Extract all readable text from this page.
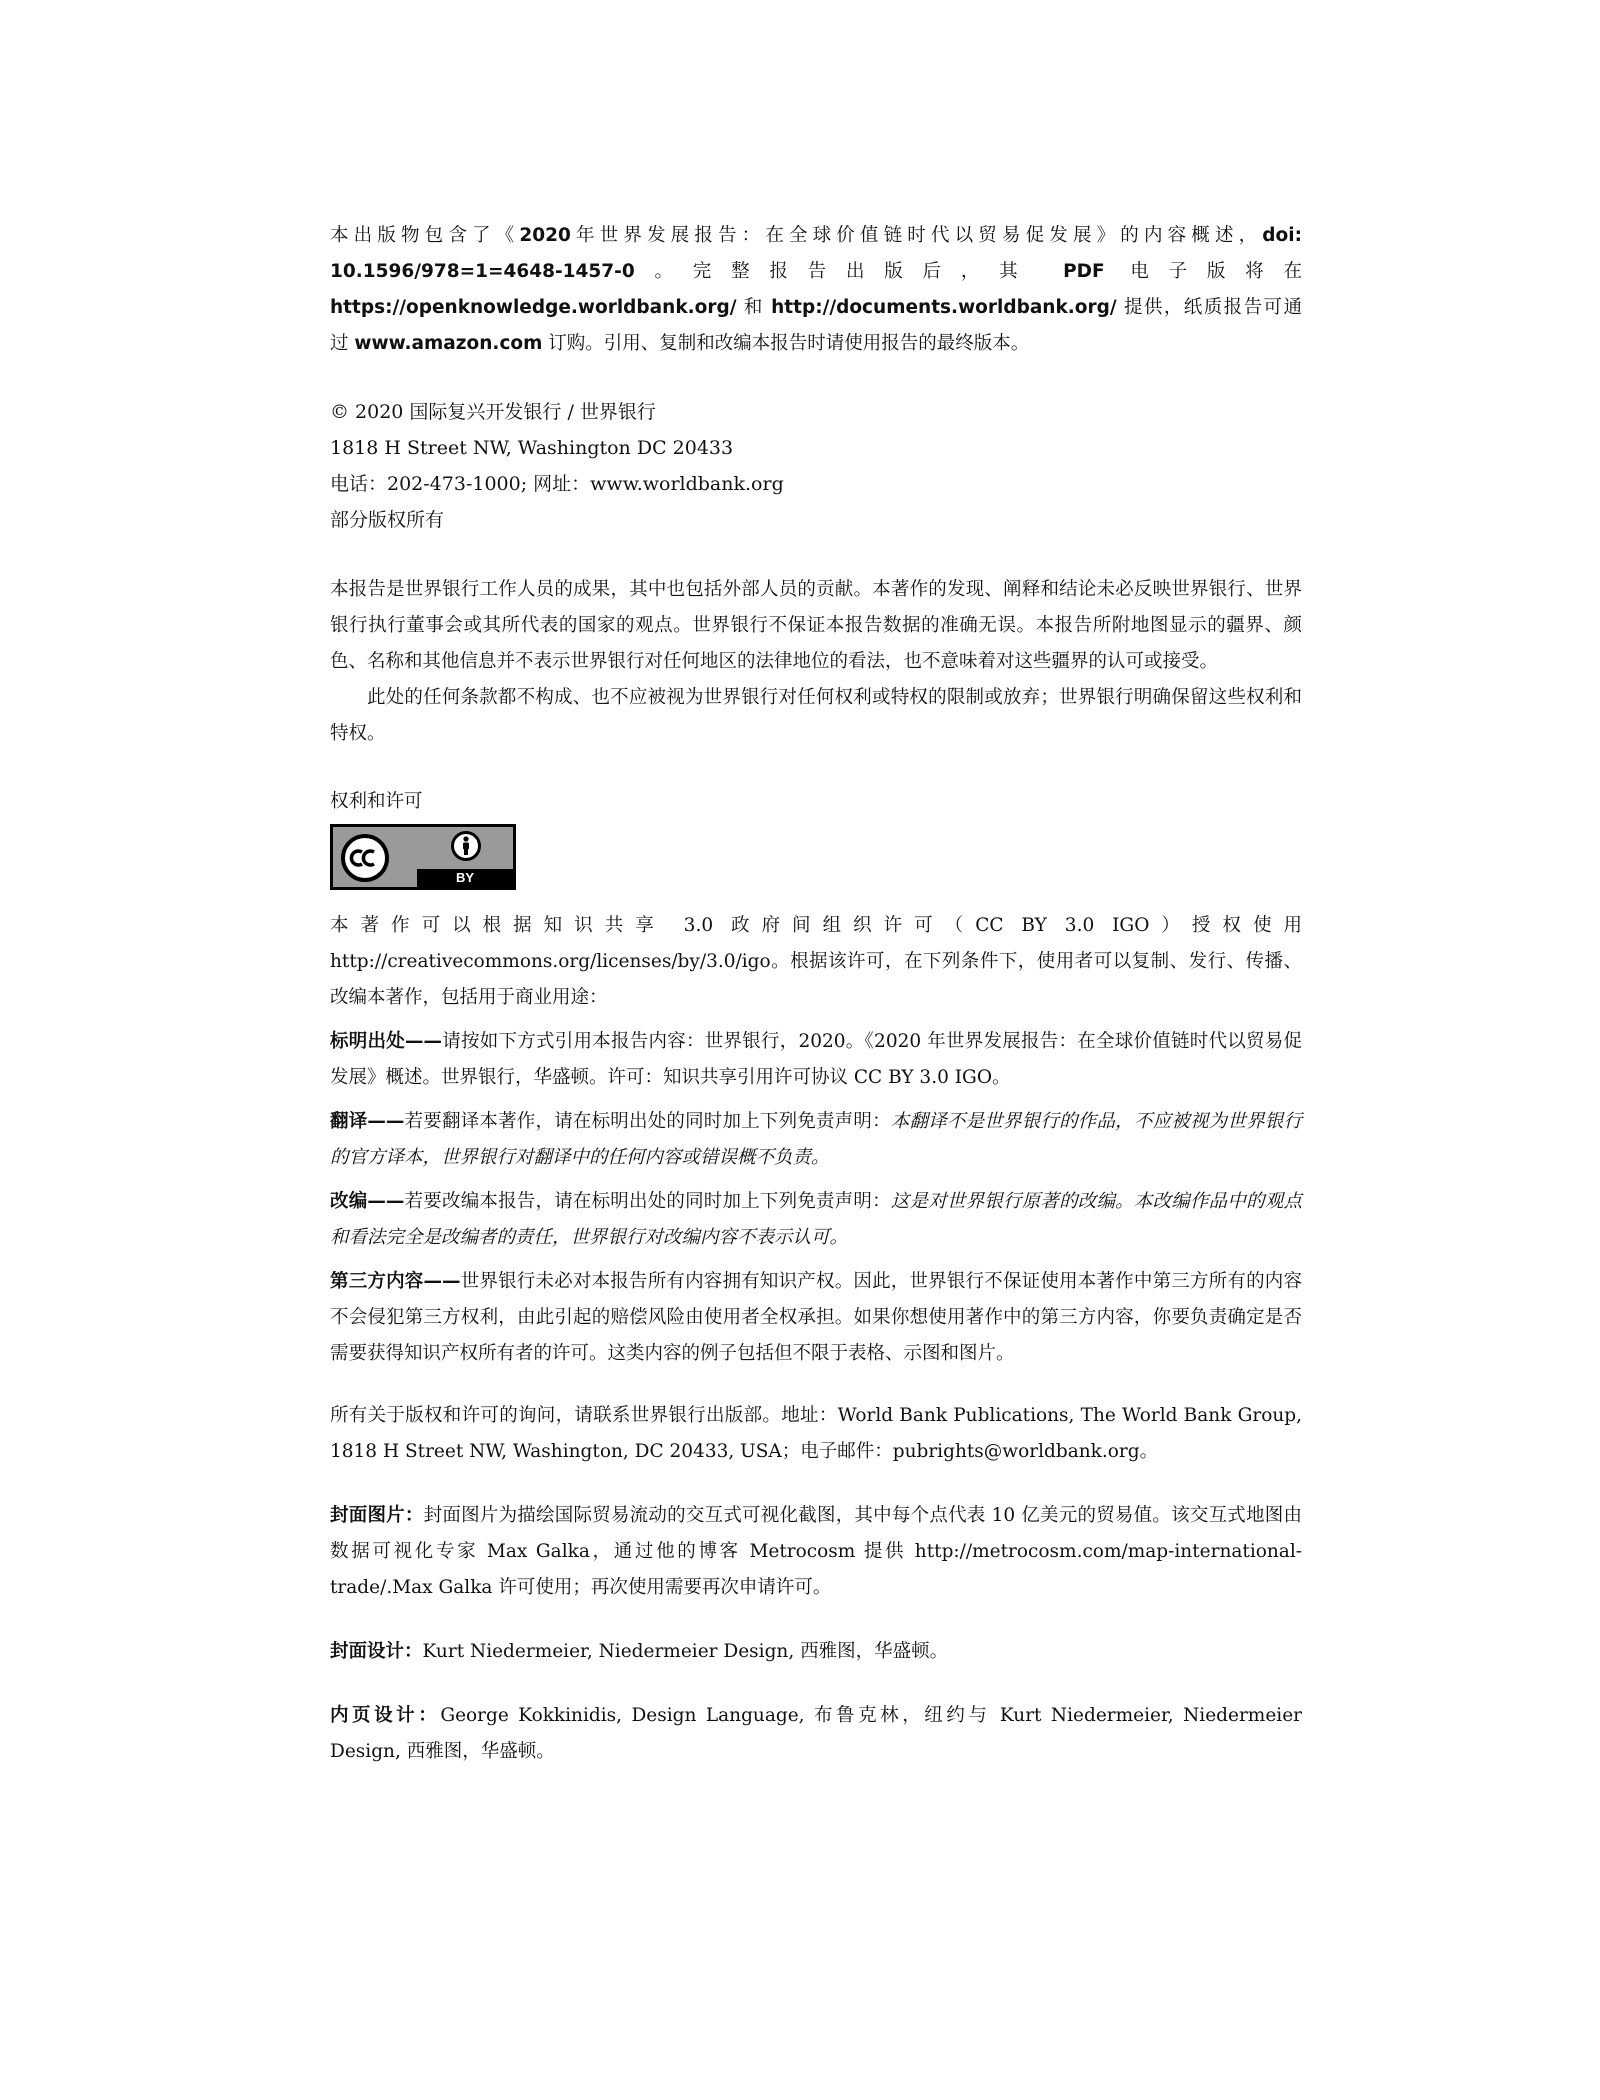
本出版物包含了《2020年世界发展报告：在全球价值链时代以贸易促发展》的内容概述，doi: 10.1596/978=1=4648-1457-0。完整报告出版后，其 PDF 电子版将在 https://openknowledge.worldbank.org/ 和 http://documents.worldbank.org/ 提供，纸质报告可通过 www.amazon.com 订购。引用、复制和改编本报告时请使用报告的最终版本。

© 2020 国际复兴开发银行 / 世界银行
1818 H Street NW, Washington DC 20433
电话：202-473-1000; 网址：www.worldbank.org
部分版权所有

本报告是世界银行工作人员的成果，其中也包括外部人员的贡献。本著作的发现、阐释和结论未必反映世界银行、世界银行执行董事会或其所代表的国家的观点。世界银行不保证本报告数据的准确无误。本报告所附地图显示的疆界、颜色、名称和其他信息并不表示世界银行对任何地区的法律地位的看法，也不意味着对这些疆界的认可或接受。

此处的任何条款都不构成、也不应被视为世界银行对任何权利或特权的限制或放弃；世界银行明确保留这些权利和特权。

权利和许可
BY

本著作可以根据知识共享 3.0 政府间组织许可（CC BY 3.0 IGO）授权使用 http://creativecommons.org/licenses/by/3.0/igo。根据该许可，在下列条件下，使用者可以复制、发行、传播、改编本著作，包括用于商业用途：

标明出处——请按如下方式引用本报告内容：世界银行，2020。《2020 年世界发展报告：在全球价值链时代以贸易促发展》概述。世界银行，华盛顿。许可：知识共享引用许可协议 CC BY 3.0 IGO。

翻译——若要翻译本著作，请在标明出处的同时加上下列免责声明：本翻译不是世界银行的作品，不应被视为世界银行的官方译本，世界银行对翻译中的任何内容或错误概不负责。

改编——若要改编本报告，请在标明出处的同时加上下列免责声明：这是对世界银行原著的改编。本改编作品中的观点和看法完全是改编者的责任，世界银行对改编内容不表示认可。

第三方内容——世界银行未必对本报告所有内容拥有知识产权。因此，世界银行不保证使用本著作中第三方所有的内容不会侵犯第三方权利，由此引起的赔偿风险由使用者全权承担。如果你想使用著作中的第三方内容，你要负责确定是否需要获得知识产权所有者的许可。这类内容的例子包括但不限于表格、示图和图片。

所有关于版权和许可的询问，请联系世界银行出版部。地址：World Bank Publications, The World Bank Group, 1818 H Street NW, Washington, DC 20433, USA；电子邮件：pubrights@worldbank.org。

封面图片：封面图片为描绘国际贸易流动的交互式可视化截图，其中每个点代表 10 亿美元的贸易值。该交互式地图由数据可视化专家 Max Galka，通过他的博客 Metrocosm 提供 http://metrocosm.com/map-international-trade/.Max Galka 许可使用；再次使用需要再次申请许可。

封面设计：Kurt Niedermeier, Niedermeier Design, 西雅图，华盛顿。

内页设计：George Kokkinidis, Design Language, 布鲁克林，纽约与 Kurt Niedermeier, Niedermeier Design, 西雅图，华盛顿。
